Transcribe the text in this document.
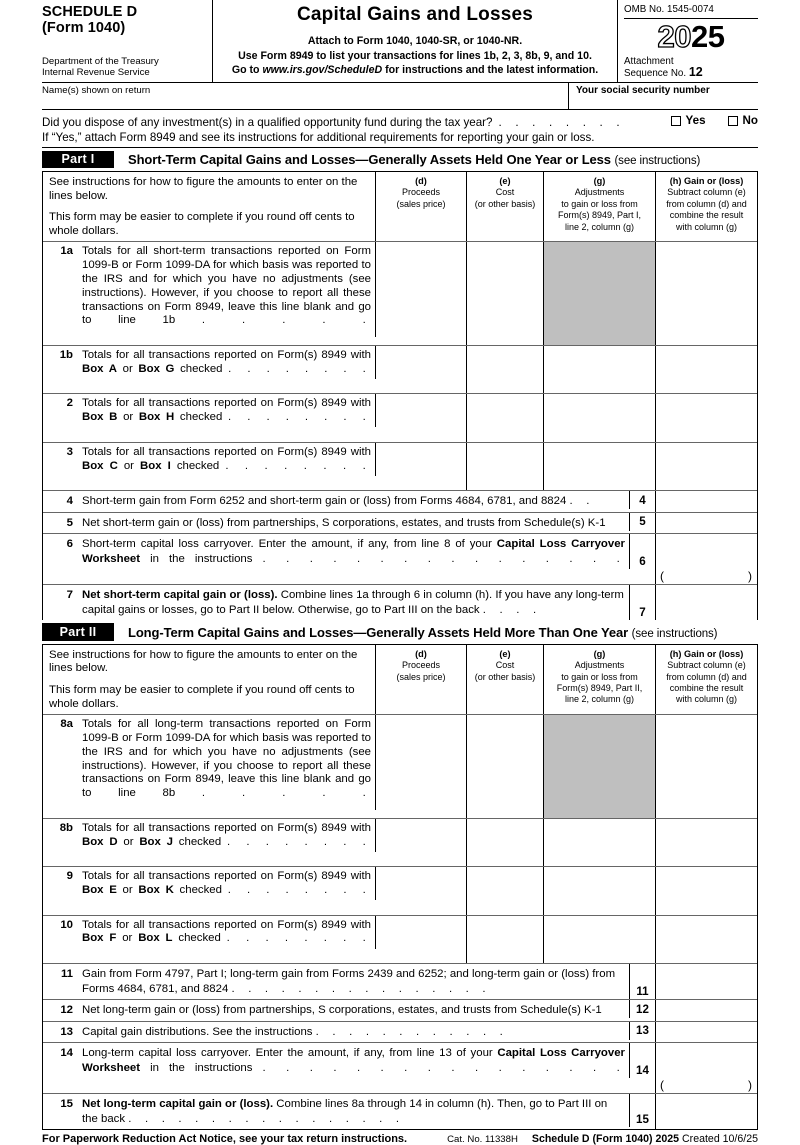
SCHEDULE D
(Form 1040)
Department of the Treasury
Internal Revenue Service
Capital Gains and Losses
Attach to Form 1040, 1040-SR, or 1040-NR.
Use Form 8949 to list your transactions for lines 1b, 2, 3, 8b, 9, and 10.
Go to www.irs.gov/ScheduleD for instructions and the latest information.
OMB No. 1545-0074
2025
Attachment
Sequence No. 12
Name(s) shown on return	Your social security number
Did you dispose of any investment(s) in a qualified opportunity fund during the tax year? . . . . . . . .	Yes	No
If “Yes,” attach Form 8949 and see its instructions for additional requirements for reporting your gain or loss.
Part I	Short-Term Capital Gains and Losses—Generally Assets Held One Year or Less (see instructions)

See instructions for how to figure the amounts to enter on the lines below.

This form may be easier to complete if you round off cents to whole dollars.

(d)
Proceeds
(sales price)
(e)
Cost
(or other basis)
(g)
Adjustments
to gain or loss from
Form(s) 8949, Part I,
line 2, column (g)
(h) Gain or (loss)
Subtract column (e)
from column (d) and
combine the result
with column (g)
1a Totals for all short-term transactions reported on Form 1099-B or Form 1099-DA for which basis was reported to the IRS and for which you have no adjustments (see instructions). However, if you choose to report all these transactions on Form 8949, leave this line blank and go to line 1b . . . . .
1b Totals for all transactions reported on Form(s) 8949 with Box A or Box G checked . . . . . . . .
2 Totals for all transactions reported on Form(s) 8949 with Box B or Box H checked . . . . . . . .
3 Totals for all transactions reported on Form(s) 8949 with Box C or Box I checked . . . . . . . .
4 Short-term gain from Form 6252 and short-term gain or (loss) from Forms 4684, 6781, and 8824 . .	4
5 Net short-term gain or (loss) from partnerships, S corporations, estates, and trusts from Schedule(s) K-1	5
6 Short-term capital loss carryover. Enter the amount, if any, from line 8 of your Capital Loss Carryover Worksheet in the instructions . . . . . . . . . . . . . . . .	6
(	)
7 Net short-term capital gain or (loss). Combine lines 1a through 6 in column (h). If you have any long-term capital gains or losses, go to Part II below. Otherwise, go to Part III on the back . . . .	7
Part II	Long-Term Capital Gains and Losses—Generally Assets Held More Than One Year (see instructions)

See instructions for how to figure the amounts to enter on the lines below.

This form may be easier to complete if you round off cents to whole dollars.

(d)
Proceeds
(sales price)
(e)
Cost
(or other basis)
(g)
Adjustments
to gain or loss from
Form(s) 8949, Part II,
line 2, column (g)
(h) Gain or (loss)
Subtract column (e)
from column (d) and
combine the result
with column (g)
8a Totals for all long-term transactions reported on Form 1099-B or Form 1099-DA for which basis was reported to the IRS and for which you have no adjustments (see instructions). However, if you choose to report all these transactions on Form 8949, leave this line blank and go to line 8b . . . . .
8b Totals for all transactions reported on Form(s) 8949 with Box D or Box J checked . . . . . . . .
9 Totals for all transactions reported on Form(s) 8949 with Box E or Box K checked . . . . . . . .
10 Totals for all transactions reported on Form(s) 8949 with Box F or Box L checked . . . . . . . .
11 Gain from Form 4797, Part I; long-term gain from Forms 2439 and 6252; and long-term gain or (loss) from Forms 4684, 6781, and 8824 . . . . . . . . . . . . . . . .	11
12 Net long-term gain or (loss) from partnerships, S corporations, estates, and trusts from Schedule(s) K-1	12
13 Capital gain distributions. See the instructions . . . . . . . . . . . .	13
14 Long-term capital loss carryover. Enter the amount, if any, from line 13 of your Capital Loss Carryover Worksheet in the instructions . . . . . . . . . . . . . . . . 14
(	)
15 Net long-term capital gain or (loss). Combine lines 8a through 14 in column (h). Then, go to Part III on the back . . . . . . . . . . . . . . . . .	15
For Paperwork Reduction Act Notice, see your tax return instructions.	Cat. No. 11338H Schedule D (Form 1040) 2025 Created 10/6/25
